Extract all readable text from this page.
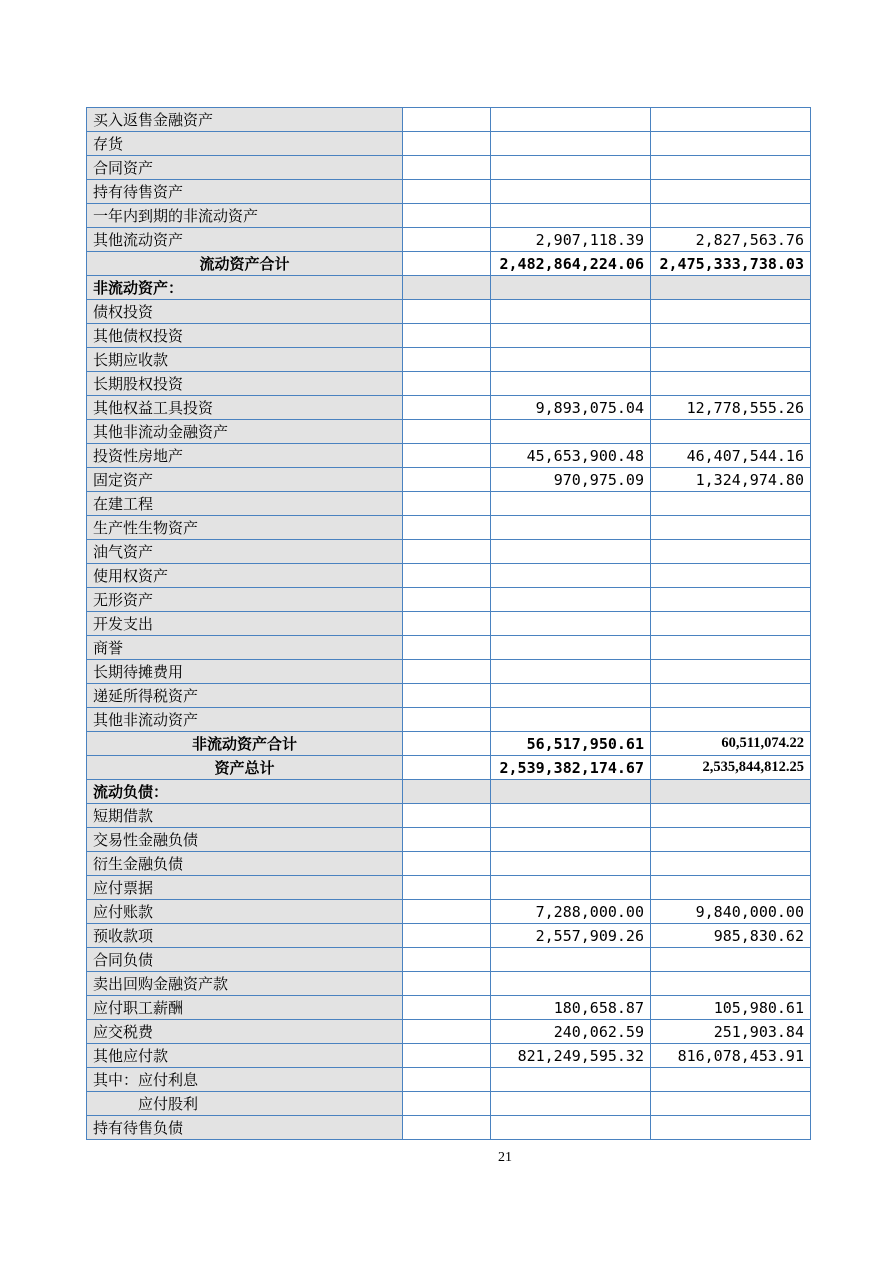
买入返售金融资产			
存货			
合同资产			
持有待售资产			
一年内到期的非流动资产			
其他流动资产		2,907,118.39	2,827,563.76
流动资产合计		2,482,864,224.06	2,475,333,738.03
非流动资产：			
债权投资			
其他债权投资			
长期应收款			
长期股权投资			
其他权益工具投资		9,893,075.04	12,778,555.26
其他非流动金融资产			
投资性房地产		45,653,900.48	46,407,544.16
固定资产		970,975.09	1,324,974.80
在建工程			
生产性生物资产			
油气资产			
使用权资产			
无形资产			
开发支出			
商誉			
长期待摊费用			
递延所得税资产			
其他非流动资产			
非流动资产合计		56,517,950.61	60,511,074.22
资产总计		2,539,382,174.67	2,535,844,812.25
流动负债：			
短期借款			
交易性金融负债			
衍生金融负债			
应付票据			
应付账款		7,288,000.00	9,840,000.00
预收款项		2,557,909.26	985,830.62
合同负债			
卖出回购金融资产款			
应付职工薪酬		180,658.87	105,980.61
应交税费		240,062.59	251,903.84
其他应付款		821,249,595.32	816,078,453.91
其中：应付利息			
应付股利			
持有待售负债			
21
